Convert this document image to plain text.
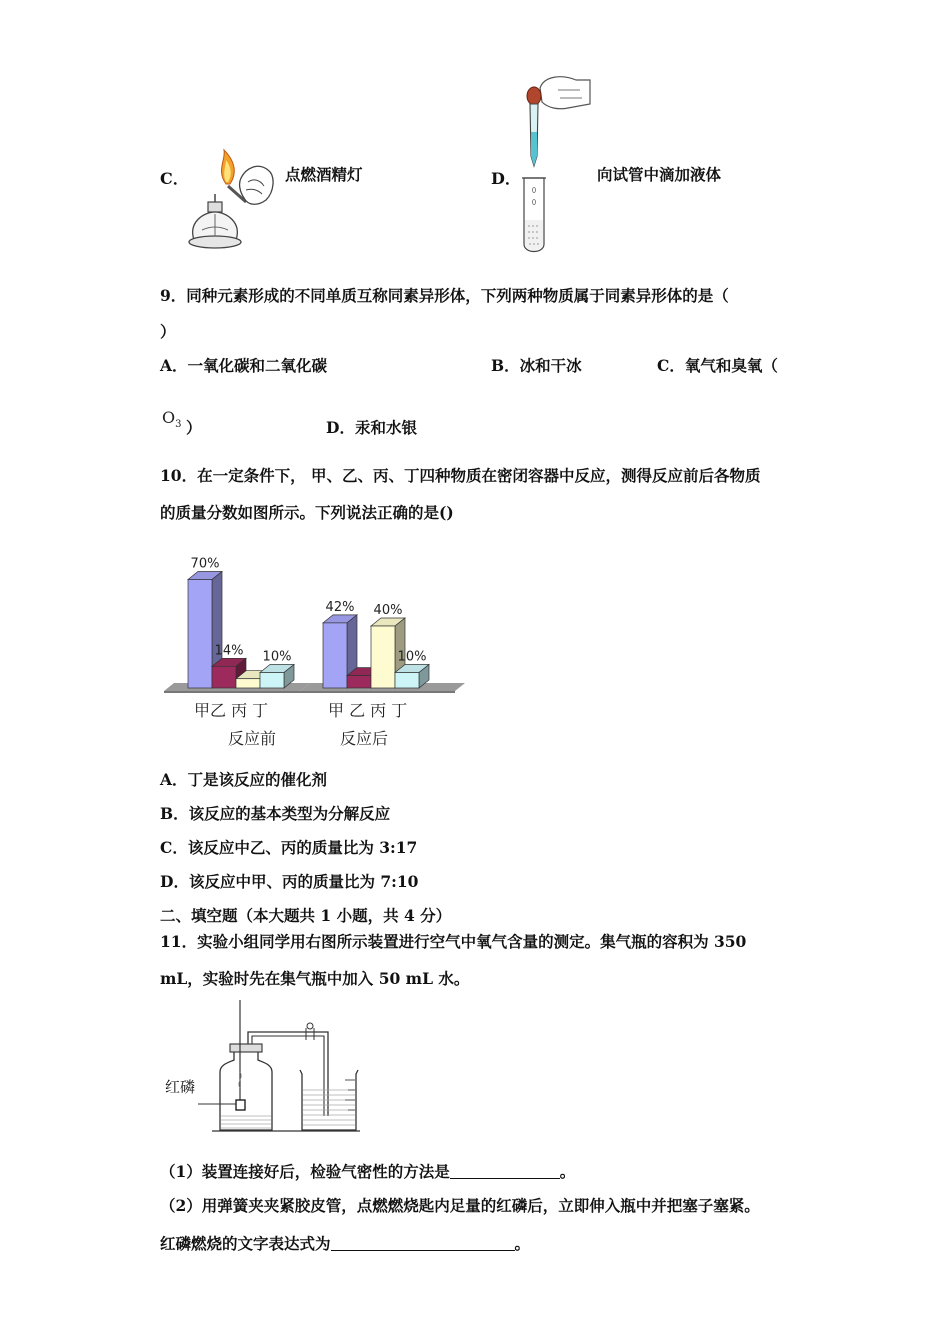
C．	点燃酒精灯	D．	向试管中滴加液体
9．同种元素形成的不同单质互称同素异形体，下列两种物质属于同素异形体的是（
）
A．一氧化碳和二氧化碳	B．冰和干冰	C．氧气和臭氧（
$O_3$ ）	D．汞和水银
10．在一定条件下， 甲、乙、丙、丁四种物质在密闭容器中反应，测得反应前后各物质
的质量分数如图所示。下列说法正确的是()
70%
14% 10%
42% 40%
10%
甲乙 丙 丁	甲 乙 丙 丁
反应前	反应后
A．丁是该反应的催化剂
B．该反应的基本类型为分解反应
C．该反应中乙、丙的质量比为 3:17
D．该反应中甲、丙的质量比为 7:10
二、填空题（本大题共 1 小题，共 4 分）
11．实验小组同学用右图所示装置进行空气中氧气含量的测定。集气瓶的容积为 350
mL，实验时先在集气瓶中加入 50 mL 水。
红磷
（1）装置连接好后，检验气密性的方法是	。
（2）用弹簧夹夹紧胶皮管，点燃燃烧匙内足量的红磷后，立即伸入瓶中并把塞子塞紧。
红磷燃烧的文字表达式为	。
